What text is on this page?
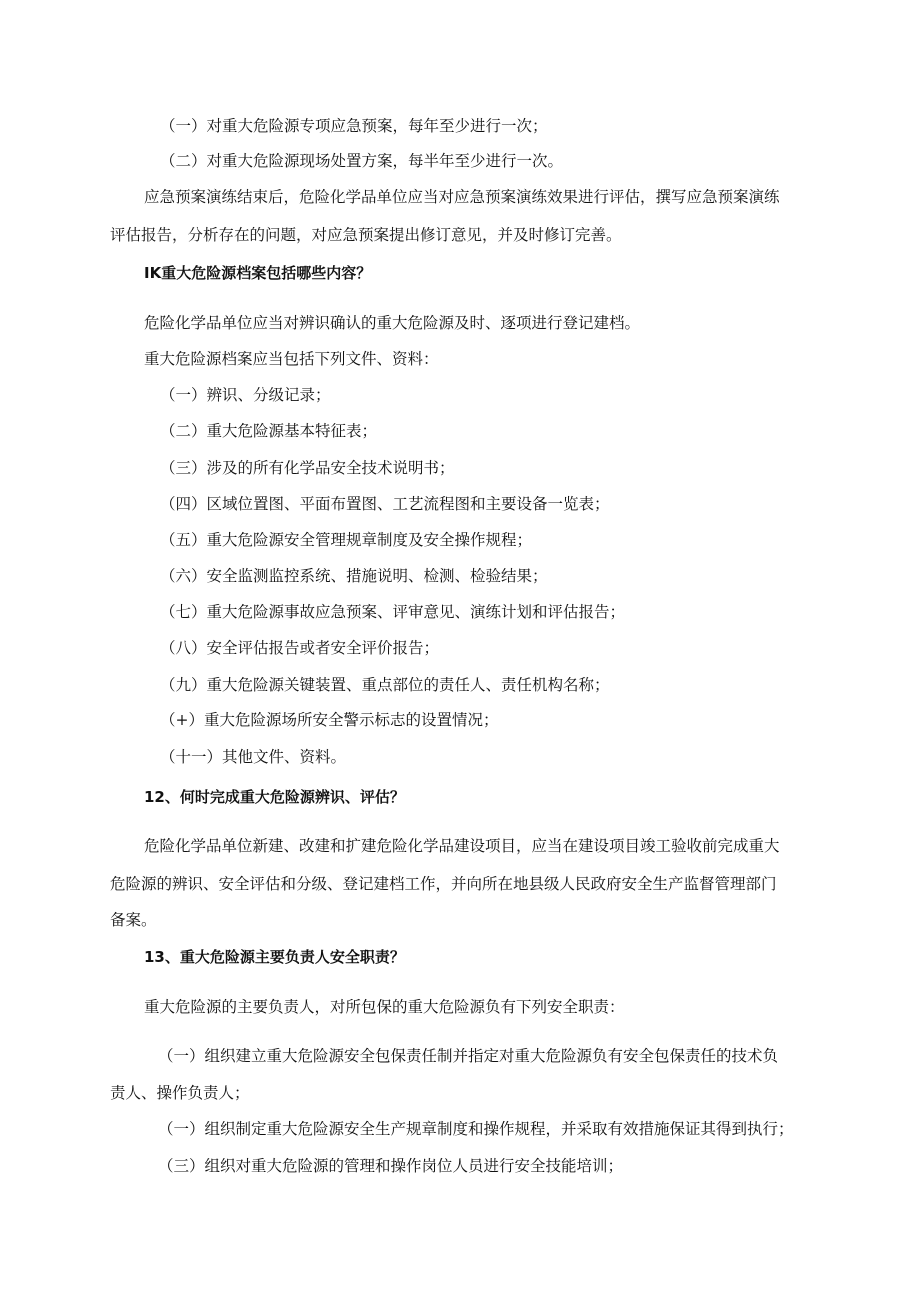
（一）对重大危险源专项应急预案，每年至少进行一次；

（二）对重大危险源现场处置方案，每半年至少进行一次。

应急预案演练结束后，危险化学品单位应当对应急预案演练效果进行评估，撰写应急预案演练

评估报告，分析存在的问题，对应急预案提出修订意见，并及时修订完善。

IK重大危险源档案包括哪些内容？

危险化学品单位应当对辨识确认的重大危险源及时、逐项进行登记建档。

重大危险源档案应当包括下列文件、资料：

（一）辨识、分级记录；

（二）重大危险源基本特征表；

（三）涉及的所有化学品安全技术说明书；

（四）区域位置图、平面布置图、工艺流程图和主要设备一览表；

（五）重大危险源安全管理规章制度及安全操作规程；

（六）安全监测监控系统、措施说明、检测、检验结果；

（七）重大危险源事故应急预案、评审意见、演练计划和评估报告；

（八）安全评估报告或者安全评价报告；

（九）重大危险源关键装置、重点部位的责任人、责任机构名称；

（+）重大危险源场所安全警示标志的设置情况；

（十一）其他文件、资料。

12、何时完成重大危险源辨识、评估？

危险化学品单位新建、改建和扩建危险化学品建设项目，应当在建设项目竣工验收前完成重大

危险源的辨识、安全评估和分级、登记建档工作，并向所在地县级人民政府安全生产监督管理部门

备案。

13、重大危险源主要负责人安全职责？

重大危险源的主要负责人，对所包保的重大危险源负有下列安全职责：

（一）组织建立重大危险源安全包保责任制并指定对重大危险源负有安全包保责任的技术负

责人、操作负责人；

（一）组织制定重大危险源安全生产规章制度和操作规程，并采取有效措施保证其得到执行；

（三）组织对重大危险源的管理和操作岗位人员进行安全技能培训；
